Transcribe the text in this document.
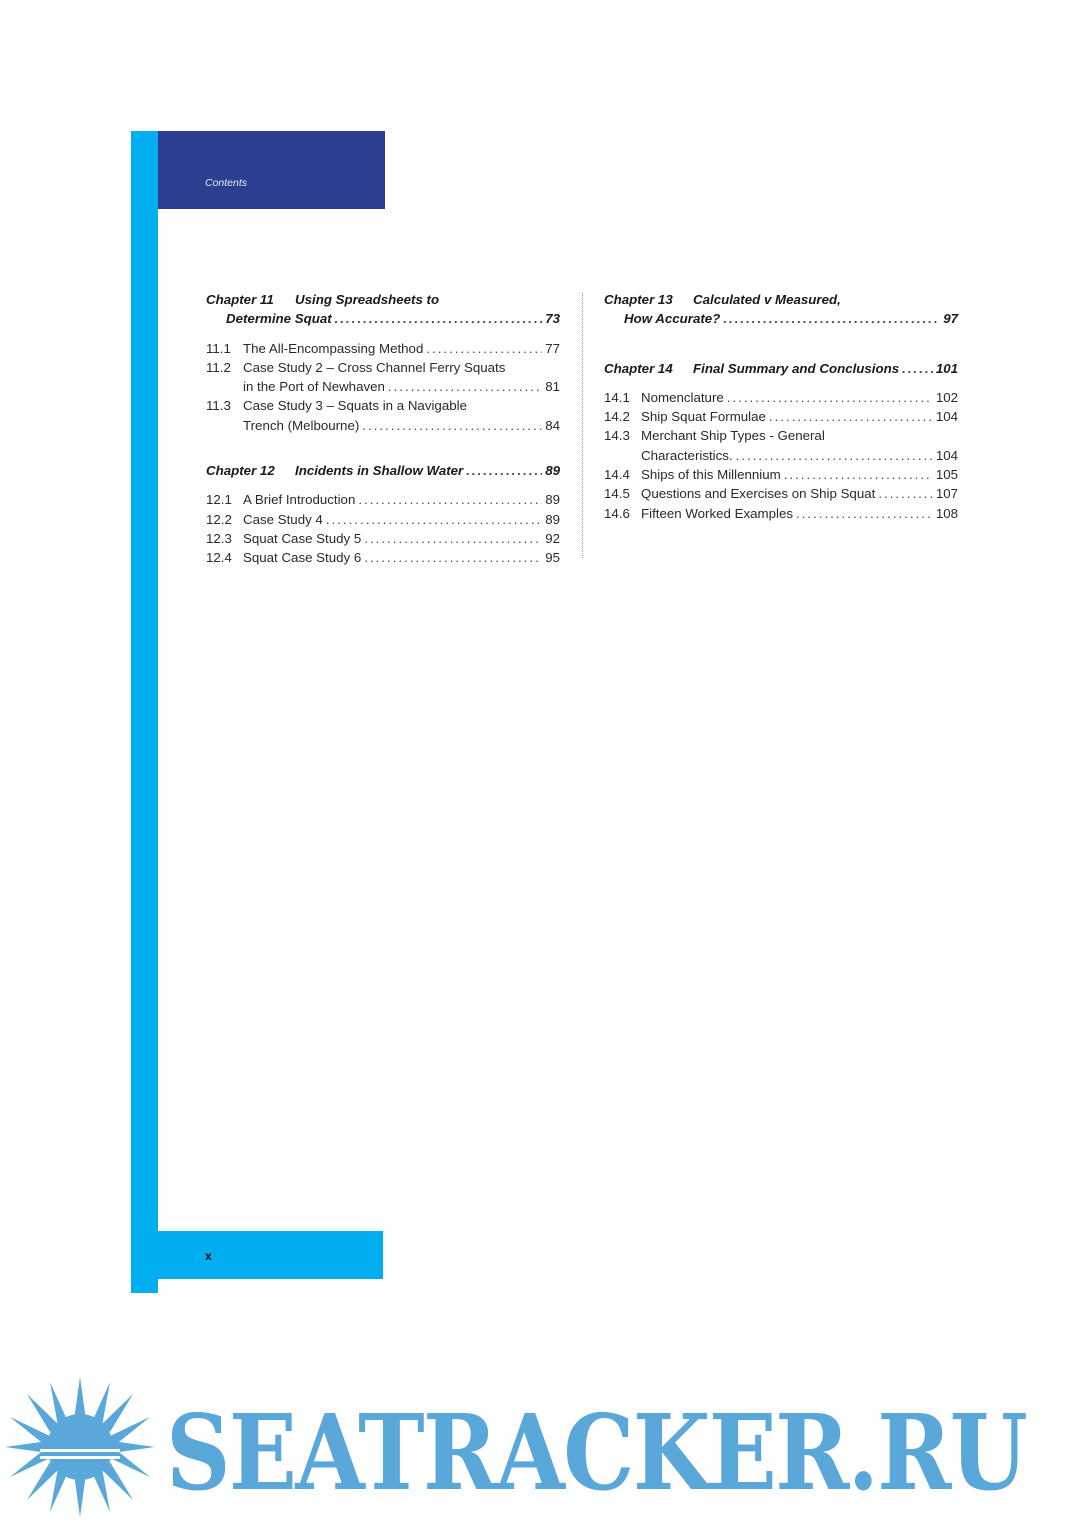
Contents
Chapter 11	Using Spreadsheets to
Determine Squat .....	73
11.1 The All-Encompassing Method .....	77
11.2 Case Study 2 – Cross Channel Ferry Squats
in the Port of Newhaven .....	81
11.3 Case Study 3 – Squats in a Navigable
Trench (Melbourne) .....	84
Chapter 12	Incidents in Shallow Water .....	89
12.1 A Brief Introduction .....	89
12.2 Case Study 4 .....	89
12.3 Squat Case Study 5 .....	92
12.4 Squat Case Study 6 .....	95
Chapter 13	Calculated v Measured,
How Accurate? .....	97
Chapter 14	Final Summary and Conclusions .....	101
14.1 Nomenclature .....	102
14.2 Ship Squat Formulae .....	104
14.3 Merchant Ship Types - General
Characteristics. .....	104
14.4 Ships of this Millennium .....	105
14.5 Questions and Exercises on Ship Squat .....	107
14.6 Fifteen Worked Examples .....	108
x
SEATRACKER.RU
